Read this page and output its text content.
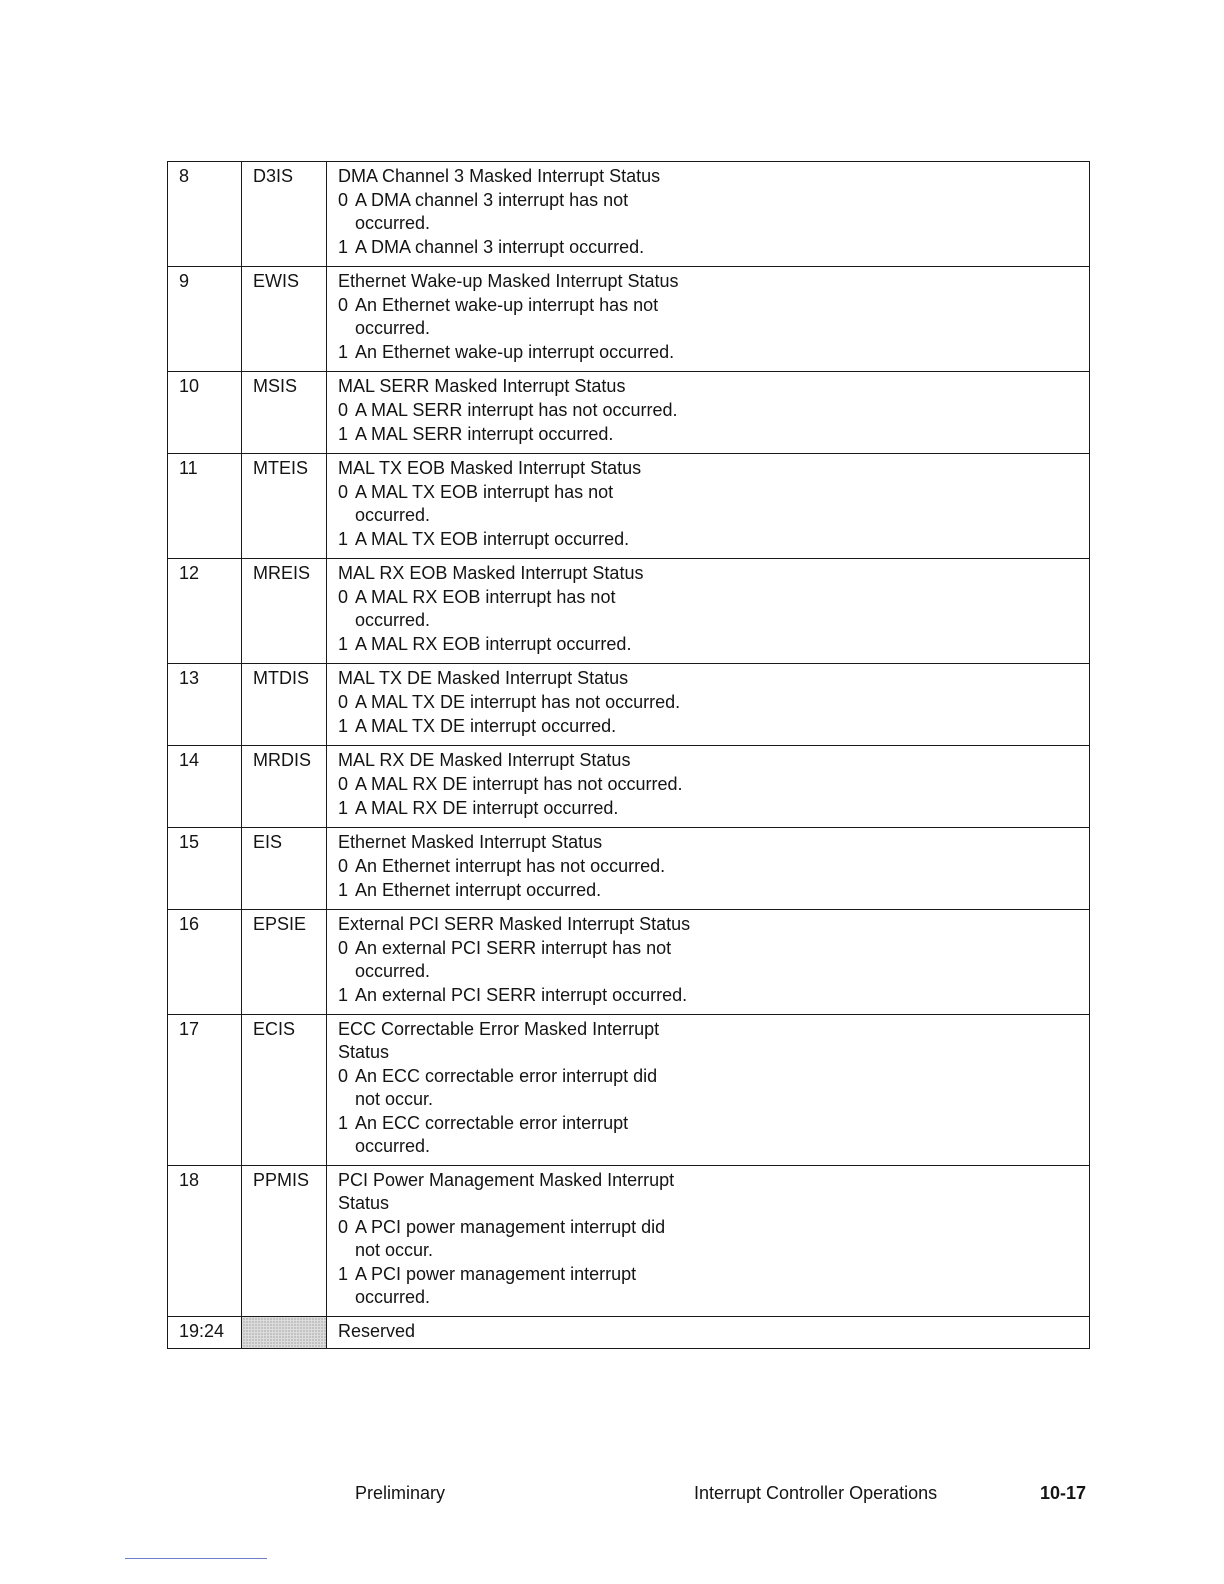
8	D3IS	DMA Channel 3 Masked Interrupt Status
0 A DMA channel 3 interrupt has not occurred.
1 A DMA channel 3 interrupt occurred.

9	EWIS	Ethernet Wake-up Masked Interrupt Status
0 An Ethernet wake-up interrupt has not occurred.
1 An Ethernet wake-up interrupt occurred.

10	MSIS	MAL SERR Masked Interrupt Status
0 A MAL SERR interrupt has not occurred.
1 A MAL SERR interrupt occurred.

11	MTEIS	MAL TX EOB Masked Interrupt Status
0 A MAL TX EOB interrupt has not occurred.
1 A MAL TX EOB interrupt occurred.

12	MREIS	MAL RX EOB Masked Interrupt Status
0 A MAL RX EOB interrupt has not occurred.
1 A MAL RX EOB interrupt occurred.

13	MTDIS	MAL TX DE Masked Interrupt Status
0 A MAL TX DE interrupt has not occurred.
1 A MAL TX DE interrupt occurred.

14	MRDIS	MAL RX DE Masked Interrupt Status
0 A MAL RX DE interrupt has not occurred.
1 A MAL RX DE interrupt occurred.

15	EIS	Ethernet Masked Interrupt Status
0 An Ethernet interrupt has not occurred.
1 An Ethernet interrupt occurred.

16	EPSIE	External PCI SERR Masked Interrupt Status
0 An external PCI SERR interrupt has not occurred.
1 An external PCI SERR interrupt occurred.

17	ECIS	ECC Correctable Error Masked Interrupt Status
0 An ECC correctable error interrupt did not occur.
1 An ECC correctable error interrupt occurred.

18	PPMIS	PCI Power Management Masked Interrupt Status
0 A PCI power management interrupt did not occur.
1 A PCI power management interrupt occurred.

19:24		Reserved
Preliminary	Interrupt Controller Operations	10-17
